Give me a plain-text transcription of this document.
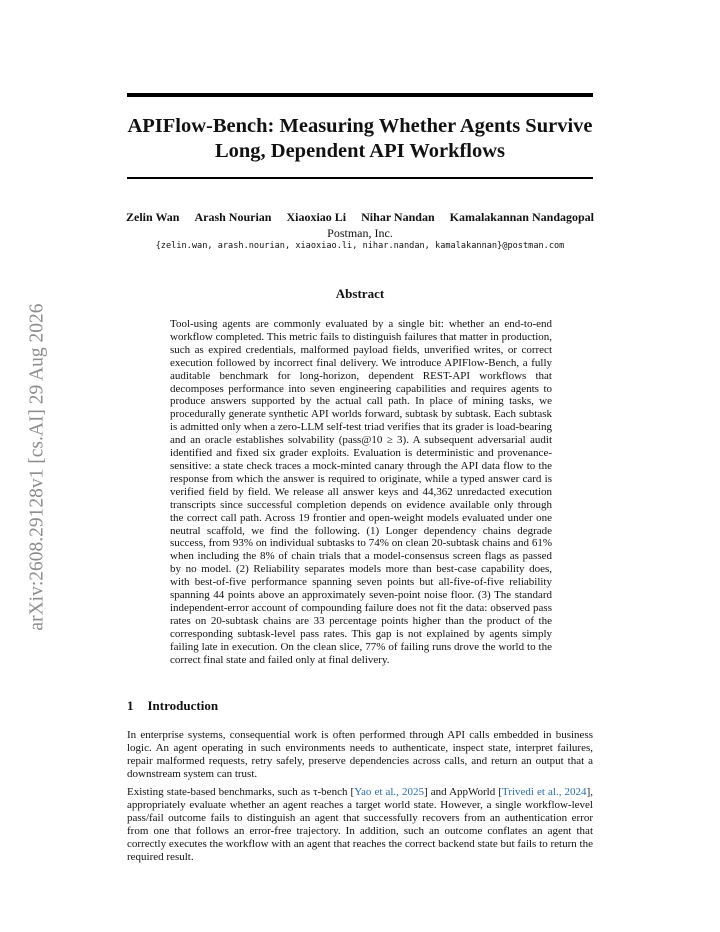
arXiv:2608.29128v1 [cs.AI] 29 Aug 2026
APIFlow-Bench: Measuring Whether Agents Survive Long, Dependent API Workflows
Zelin Wan Arash Nourian Xiaoxiao Li Nihar Nandan Kamalakannan Nandagopal
Postman, Inc.
{zelin.wan, arash.nourian, xiaoxiao.li, nihar.nandan, kamalakannan}@postman.com
Abstract
Tool-using agents are commonly evaluated by a single bit: whether an end-to-end workflow completed. This metric fails to distinguish failures that matter in production, such as expired credentials, malformed payload fields, unverified writes, or correct execution followed by incorrect final delivery. We introduce APIFlow-Bench, a fully auditable benchmark for long-horizon, dependent REST-API workflows that decomposes performance into seven engineering capabilities and requires agents to produce answers supported by the actual call path. In place of mining tasks, we procedurally generate synthetic API worlds forward, subtask by subtask. Each subtask is admitted only when a zero-LLM self-test triad verifies that its grader is load-bearing and an oracle establishes solvability (pass@10 ≥ 3). A subsequent adversarial audit identified and fixed six grader exploits. Evaluation is deterministic and provenance-sensitive: a state check traces a mock-minted canary through the API data flow to the response from which the answer is required to originate, while a typed answer card is verified field by field. We release all answer keys and 44,362 unredacted execution transcripts since successful completion depends on evidence available only through the correct call path. Across 19 frontier and open-weight models evaluated under one neutral scaffold, we find the following. (1) Longer dependency chains degrade success, from 93% on individual subtasks to 74% on clean 20-subtask chains and 61% when including the 8% of chain trials that a model-consensus screen flags as passed by no model. (2) Reliability separates models more than best-case capability does, with best-of-five performance spanning seven points but all-five-of-five reliability spanning 44 points above an approximately seven-point noise floor. (3) The standard independent-error account of compounding failure does not fit the data: observed pass rates on 20-subtask chains are 33 percentage points higher than the product of the corresponding subtask-level pass rates. This gap is not explained by agents simply failing late in execution. On the clean slice, 77% of failing runs drove the world to the correct final state and failed only at final delivery.
1 Introduction

In enterprise systems, consequential work is often performed through API calls embedded in business logic. An agent operating in such environments needs to authenticate, inspect state, interpret failures, repair malformed requests, retry safely, preserve dependencies across calls, and return an output that a downstream system can trust.

Existing state-based benchmarks, such as τ-bench [Yao et al., 2025] and AppWorld [Trivedi et al., 2024], appropriately evaluate whether an agent reaches a target world state. However, a single workflow-level pass/fail outcome fails to distinguish an agent that successfully recovers from an authentication error from one that follows an error-free trajectory. In addition, such an outcome conflates an agent that correctly executes the workflow with an agent that reaches the correct backend state but fails to return the required result.
